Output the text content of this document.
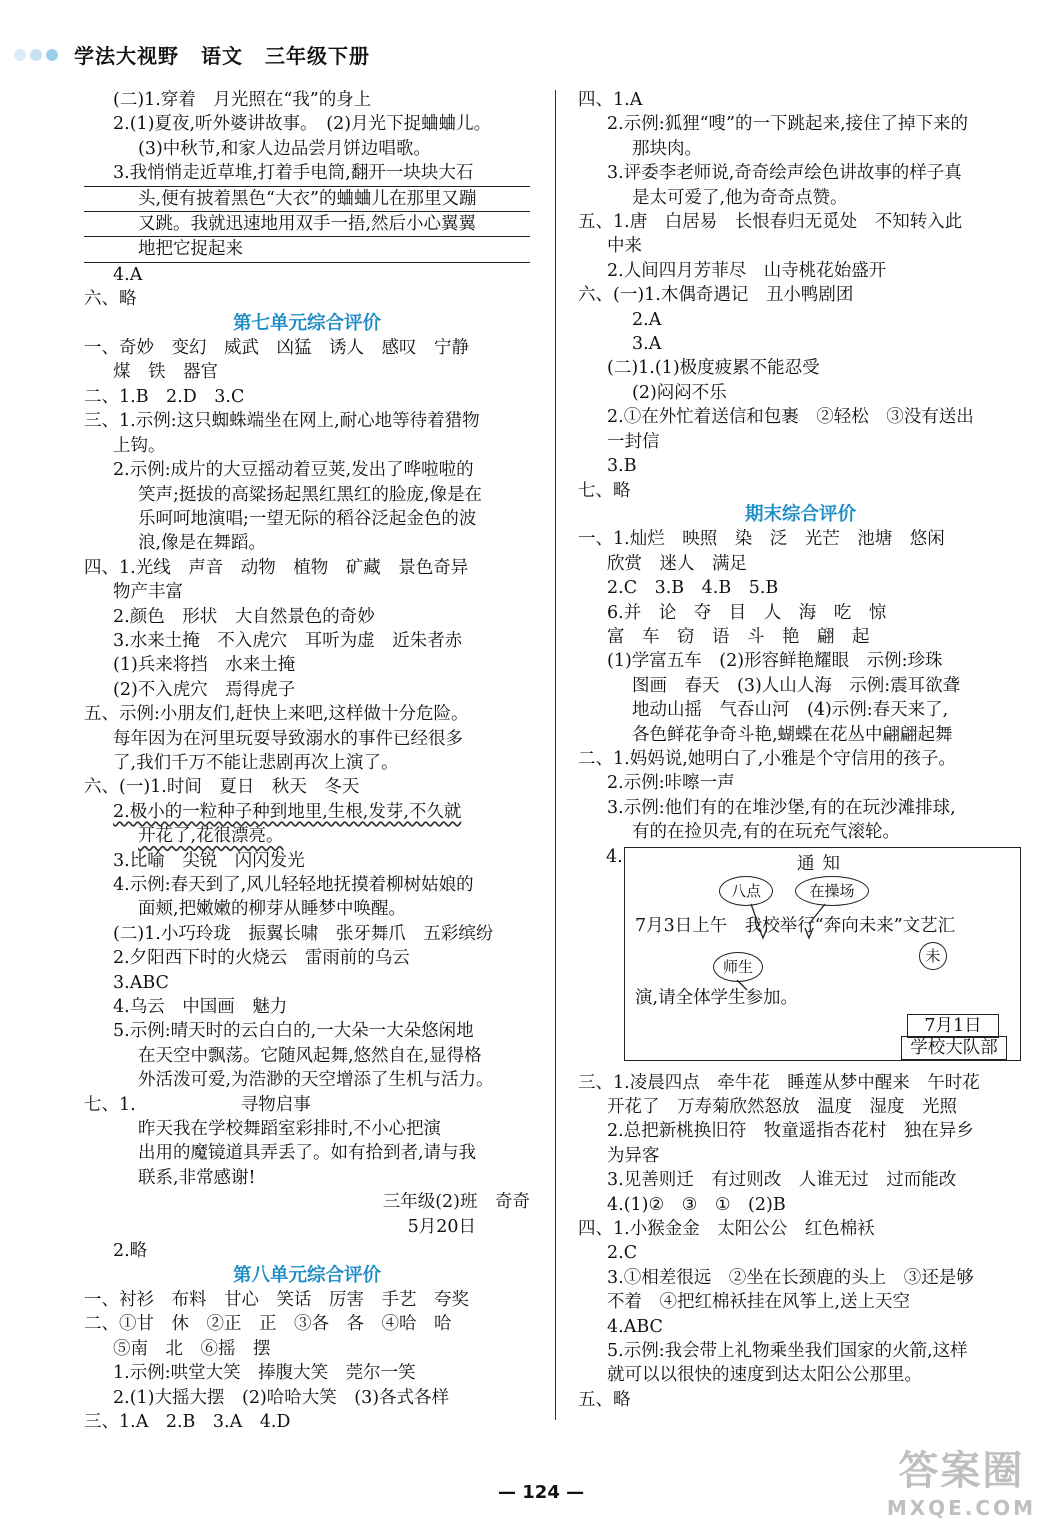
学法大视野 语文 三年级下册
(二)1.穿着　月光照在“我”的身上
2.(1)夏夜,听外婆讲故事。　(2)月光下捉蛐蛐儿。
(3)中秋节,和家人边品尝月饼边唱歌。
3.我悄悄走近草堆,打着手电筒,翻开一块块大石
头,便有披着黑色“大衣”的蛐蛐儿在那里又蹦
又跳。我就迅速地用双手一捂,然后小心翼翼
地把它捉起来
4.A
六、略
第七单元综合评价
一、奇妙　变幻　威武　凶猛　诱人　感叹　宁静
煤　铁　器官
二、1.B　2.D　3.C
三、1.示例:这只蜘蛛端坐在网上,耐心地等待着猎物
上钩。
2.示例:成片的大豆摇动着豆荚,发出了哗啦啦的
笑声;挺拔的高粱扬起黑红黑红的脸庞,像是在
乐呵呵地演唱;一望无际的稻谷泛起金色的波
浪,像是在舞蹈。
四、1.光线　声音　动物　植物　矿藏　景色奇异
物产丰富
2.颜色　形状　大自然景色的奇妙
3.水来土掩　不入虎穴　耳听为虚　近朱者赤
(1)兵来将挡　水来土掩
(2)不入虎穴　焉得虎子
五、示例:小朋友们,赶快上来吧,这样做十分危险。
每年因为在河里玩耍导致溺水的事件已经很多
了,我们千万不能让悲剧再次上演了。
六、(一)1.时间　夏日　秋天　冬天
2.极小的一粒种子种到地里,生根,发芽,不久就
开花了,花很漂亮。
3.比喻　尖锐　闪闪发光
4.示例:春天到了,风儿轻轻地抚摸着柳树姑娘的
面颊,把嫩嫩的柳芽从睡梦中唤醒。
(二)1.小巧玲珑　振翼长啸　张牙舞爪　五彩缤纷
2.夕阳西下时的火烧云　雷雨前的乌云
3.ABC
4.乌云　中国画　魅力
5.示例:晴天时的云白白的,一大朵一大朵悠闲地
在天空中飘荡。它随风起舞,悠然自在,显得格
外活泼可爱,为浩渺的天空增添了生机与活力。
七、1.　　　　　　寻物启事
昨天我在学校舞蹈室彩排时,不小心把演
出用的魔镜道具弄丢了。如有拾到者,请与我
联系,非常感谢!
三年级(2)班　奇奇
5月20日
2.略
第八单元综合评价
一、衬衫　布料　甘心　笑话　厉害　手艺　夸奖
二、①甘　休　②正　正　③各　各　④哈　哈
⑤南　北　⑥摇　摆
1.示例:哄堂大笑　捧腹大笑　莞尔一笑
2.(1)大摇大摆　(2)哈哈大笑　(3)各式各样
三、1.A　2.B　3.A　4.D
四、1.A
2.示例:狐狸“嗖”的一下跳起来,接住了掉下来的
那块肉。
3.评委李老师说,奇奇绘声绘色讲故事的样子真
是太可爱了,他为奇奇点赞。
五、1.唐　白居易　长恨春归无觅处　不知转入此
中来
2.人间四月芳菲尽　山寺桃花始盛开
六、(一)1.木偶奇遇记　丑小鸭剧团
2.A
3.A
(二)1.(1)极度疲累不能忍受
(2)闷闷不乐
2.①在外忙着送信和包裹　②轻松　③没有送出
一封信
3.B
七、略
期末综合评价
一、1.灿烂　映照　染　泛　光芒　池塘　悠闲
欣赏　迷人　满足
2.C　3.B　4.B　5.B
6.并　论　夺　目　人　海　吃　惊
富　车　窃　语　斗　艳　翩　起
(1)学富五车　(2)形容鲜艳耀眼　示例:珍珠
图画　春天　(3)人山人海　示例:震耳欲聋
地动山摇　气吞山河　(4)示例:春天来了,
各色鲜花争奇斗艳,蝴蝶在花丛中翩翩起舞
二、1.妈妈说,她明白了,小雅是个守信用的孩子。
2.示例:咔嚓一声
3.示例:他们有的在堆沙堡,有的在玩沙滩排球,
有的在捡贝壳,有的在玩充气滚轮。
4.	通知
八点	在操场
7月3日上午　我校举行“奔向未来”文艺汇
未
师生
演,请全体学生参加。
7月1日
学校大队部
三、1.凌晨四点　牵牛花　睡莲从梦中醒来　午时花
开花了　万寿菊欣然怒放　温度　湿度　光照
2.总把新桃换旧符　牧童遥指杏花村　独在异乡
为异客
3.见善则迁　有过则改　人谁无过　过而能改
4.(1)②　③　①　(2)B
四、1.小猴金金　太阳公公　红色棉袄
2.C
3.①相差很远　②坐在长颈鹿的头上　③还是够
不着　④把红棉袄挂在风筝上,送上天空
4.ABC
5.示例:我会带上礼物乘坐我们国家的火箭,这样
就可以以很快的速度到达太阳公公那里。
五、略
— 124 —	答案圈
MXQE.COM
